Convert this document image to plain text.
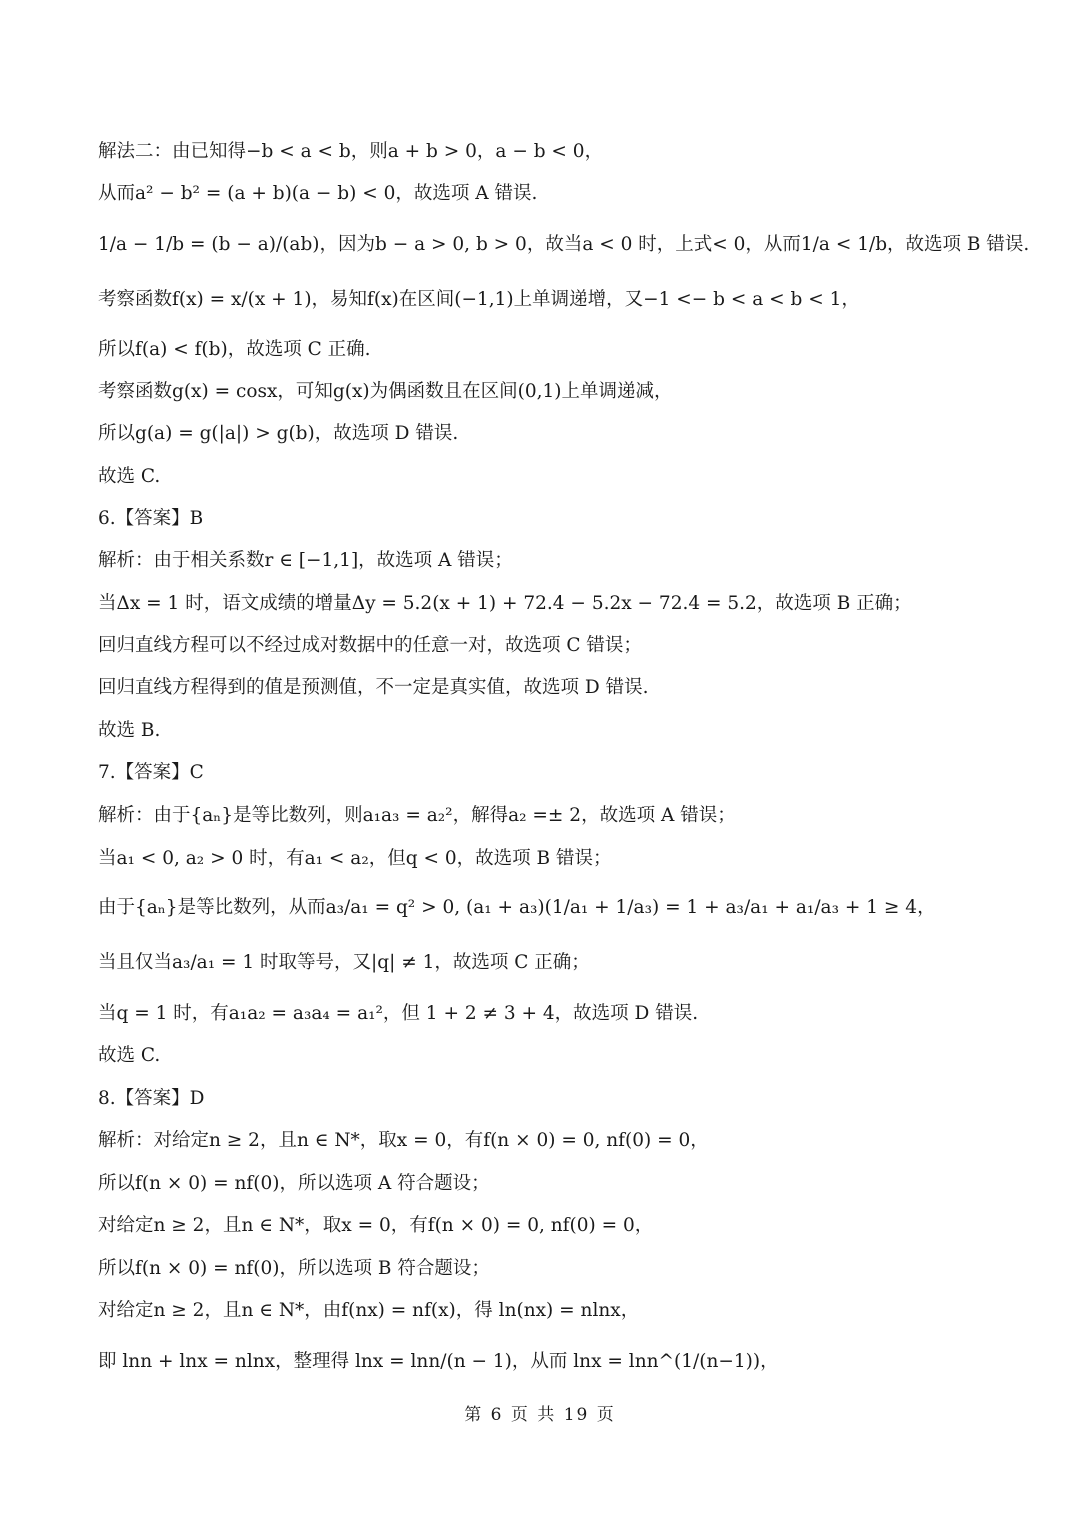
解法二：由已知得−b < a < b，则a + b > 0，a − b < 0，
从而a² − b² = (a + b)(a − b) < 0，故选项 A 错误.
1/a − 1/b = (b − a)/(ab)，因为b − a > 0, b > 0，故当a < 0 时，上式< 0，从而1/a < 1/b，故选项 B 错误.
考察函数f(x) = x/(x + 1)，易知f(x)在区间(−1,1)上单调递增，又−1 <− b < a < b < 1，
所以f(a) < f(b)，故选项 C 正确.
考察函数g(x) = cosx，可知g(x)为偶函数且在区间(0,1)上单调递减，
所以g(a) = g(|a|) > g(b)，故选项 D 错误.
故选 C.
6.【答案】B
解析：由于相关系数r ∈ [−1,1]，故选项 A 错误；
当Δx = 1 时，语文成绩的增量Δy = 5.2(x + 1) + 72.4 − 5.2x − 72.4 = 5.2，故选项 B 正确；
回归直线方程可以不经过成对数据中的任意一对，故选项 C 错误；
回归直线方程得到的值是预测值，不一定是真实值，故选项 D 错误.
故选 B.
7.【答案】C
解析：由于{aₙ}是等比数列，则a₁a₃ = a₂²，解得a₂ =± 2，故选项 A 错误；
当a₁ < 0, a₂ > 0 时，有a₁ < a₂，但q < 0，故选项 B 错误；
由于{aₙ}是等比数列，从而a₃/a₁ = q² > 0, (a₁ + a₃)(1/a₁ + 1/a₃) = 1 + a₃/a₁ + a₁/a₃ + 1 ≥ 4，
当且仅当a₃/a₁ = 1 时取等号，又|q| ≠ 1，故选项 C 正确；
当q = 1 时，有a₁a₂ = a₃a₄ = a₁²，但 1 + 2 ≠ 3 + 4，故选项 D 错误.
故选 C.
8.【答案】D
解析：对给定n ≥ 2，且n ∈ N*，取x = 0，有f(n × 0) = 0, nf(0) = 0，
所以f(n × 0) = nf(0)，所以选项 A 符合题设；
对给定n ≥ 2，且n ∈ N*，取x = 0，有f(n × 0) = 0, nf(0) = 0，
所以f(n × 0) = nf(0)，所以选项 B 符合题设；
对给定n ≥ 2，且n ∈ N*，由f(nx) = nf(x)，得 ln(nx) = nlnx，
即 lnn + lnx = nlnx，整理得 lnx = lnn/(n − 1)，从而 lnx = lnn^(1/(n−1))，
第 6 页 共 19 页
